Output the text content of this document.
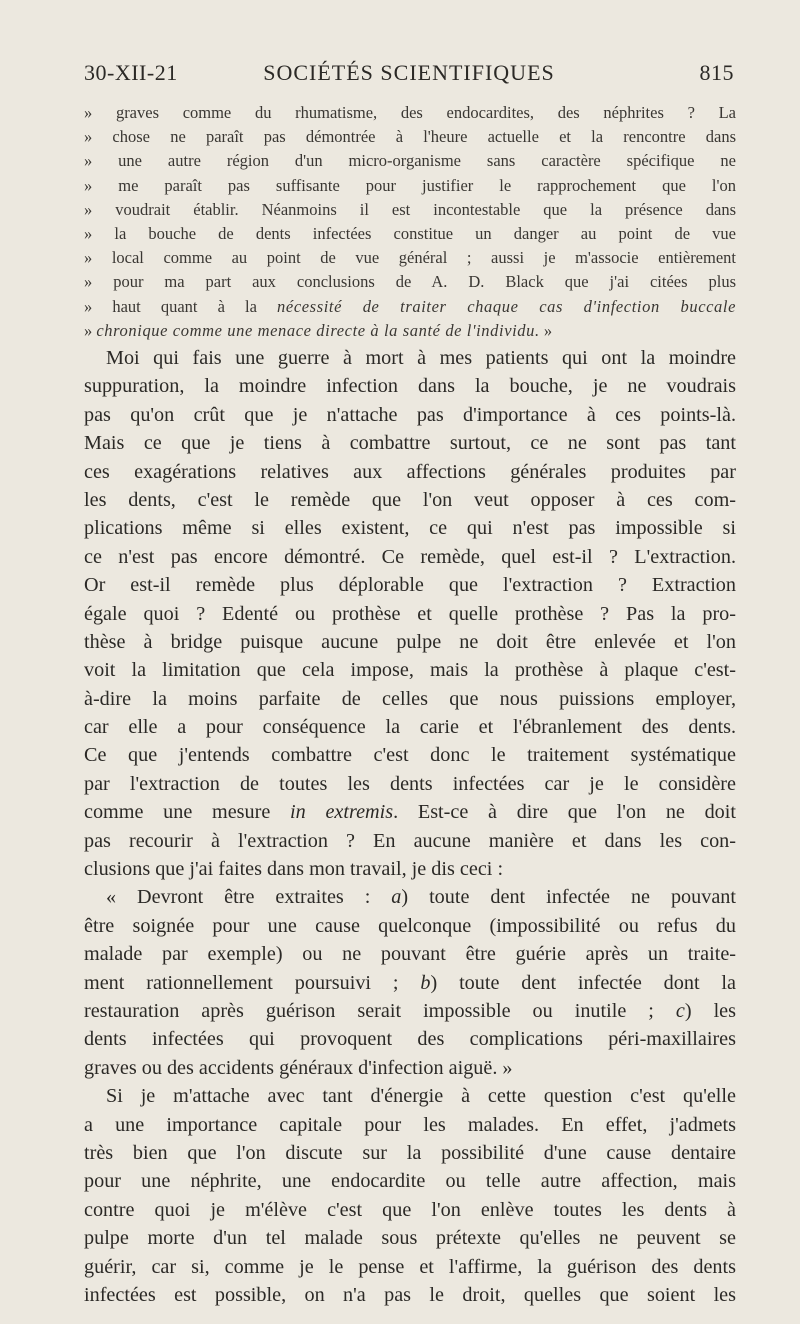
30-XII-21	SOCIÉTÉS SCIENTIFIQUES	815
» graves comme du rhumatisme, des endocardites, des néphrites ? La
» chose ne paraît pas démontrée à l'heure actuelle et la rencontre dans
» une autre région d'un micro-organisme sans caractère spécifique ne
» me paraît pas suffisante pour justifier le rapprochement que l'on
» voudrait établir. Néanmoins il est incontestable que la présence dans
» la bouche de dents infectées constitue un danger au point de vue
» local comme au point de vue général ; aussi je m'associe entièrement
» pour ma part aux conclusions de A. D. Black que j'ai citées plus
» haut quant à la nécessité de traiter chaque cas d'infection buccale
» chronique comme une menace directe à la santé de l'individu. »
Moi qui fais une guerre à mort à mes patients qui ont la moindre
suppuration, la moindre infection dans la bouche, je ne voudrais
pas qu'on crût que je n'attache pas d'importance à ces points-là.
Mais ce que je tiens à combattre surtout, ce ne sont pas tant
ces exagérations relatives aux affections générales produites par
les dents, c'est le remède que l'on veut opposer à ces com-
plications même si elles existent, ce qui n'est pas impossible si
ce n'est pas encore démontré. Ce remède, quel est-il ? L'extraction.
Or est-il remède plus déplorable que l'extraction ? Extraction
égale quoi ? Edenté ou prothèse et quelle prothèse ? Pas la pro-
thèse à bridge puisque aucune pulpe ne doit être enlevée et l'on
voit la limitation que cela impose, mais la prothèse à plaque c'est-
à-dire la moins parfaite de celles que nous puissions employer,
car elle a pour conséquence la carie et l'ébranlement des dents.
Ce que j'entends combattre c'est donc le traitement systématique
par l'extraction de toutes les dents infectées car je le considère
comme une mesure in extremis. Est-ce à dire que l'on ne doit
pas recourir à l'extraction ? En aucune manière et dans les con-
clusions que j'ai faites dans mon travail, je dis ceci :
« Devront être extraites : a) toute dent infectée ne pouvant
être soignée pour une cause quelconque (impossibilité ou refus du
malade par exemple) ou ne pouvant être guérie après un traite-
ment rationnellement poursuivi ; b) toute dent infectée dont la
restauration après guérison serait impossible ou inutile ; c) les
dents infectées qui provoquent des complications péri-maxillaires
graves ou des accidents généraux d'infection aiguë. »
Si je m'attache avec tant d'énergie à cette question c'est qu'elle
a une importance capitale pour les malades. En effet, j'admets
très bien que l'on discute sur la possibilité d'une cause dentaire
pour une néphrite, une endocardite ou telle autre affection, mais
contre quoi je m'élève c'est que l'on enlève toutes les dents à
pulpe morte d'un tel malade sous prétexte qu'elles ne peuvent se
guérir, car si, comme je le pense et l'affirme, la guérison des dents
infectées est possible, on n'a pas le droit, quelles que soient les
